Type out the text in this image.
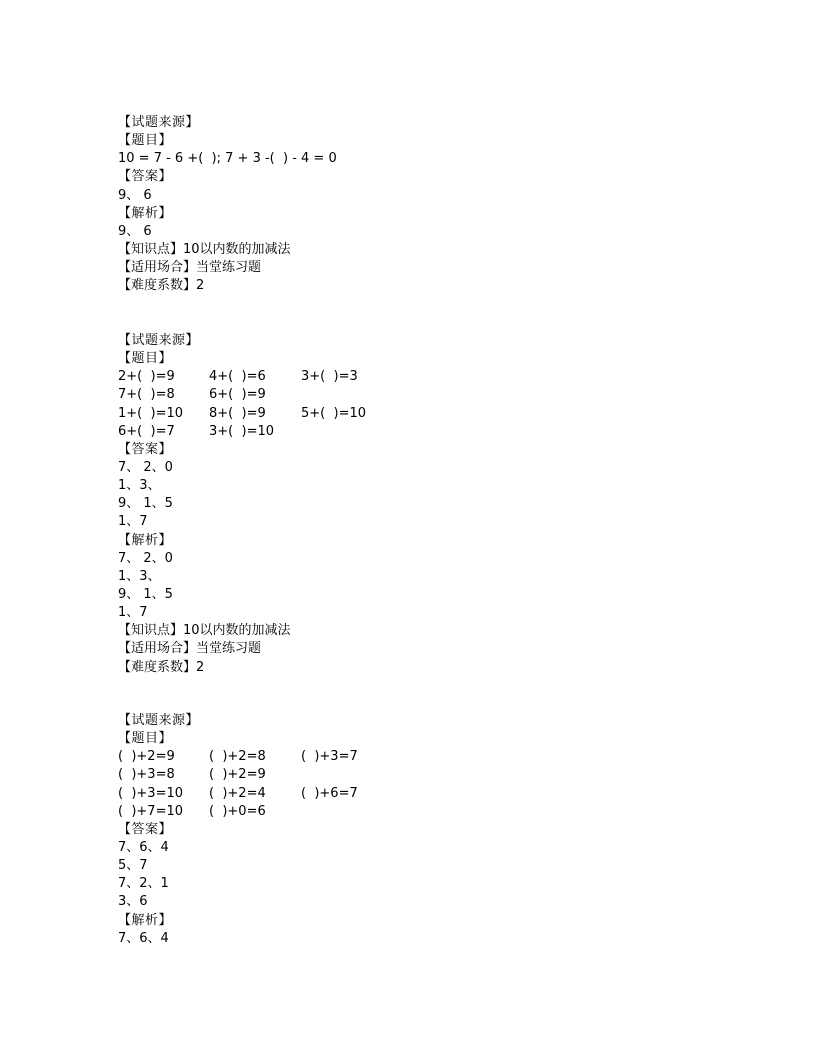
【试题来源】
【题目】
10 = 7 - 6 +(  ); 7 + 3 -(  ) - 4 = 0
【答案】
9、 6
【解析】
9、 6
【知识点】10以内数的加减法
【适用场合】当堂练习题
【难度系数】2
【试题来源】
【题目】
2+(  )=9	4+(  )=6	3+(  )=3
7+(  )=8	6+(  )=9
1+(  )=10 8+(  )=9	5+(  )=10
6+(  )=7	3+(  )=10
【答案】
7、 2、0
1、3、
9、 1、5
1、7
【解析】
7、 2、0
1、3、
9、 1、5
1、7
【知识点】10以内数的加减法
【适用场合】当堂练习题
【难度系数】2
【试题来源】
【题目】
(  )+2=9	(  )+2=8	(  )+3=7
(  )+3=8	(  )+2=9
(  )+3=10 (  )+2=4	(  )+6=7
(  )+7=10 (  )+0=6
【答案】
7、6、4
5、7
7、2、1
3、6
【解析】
7、6、4
